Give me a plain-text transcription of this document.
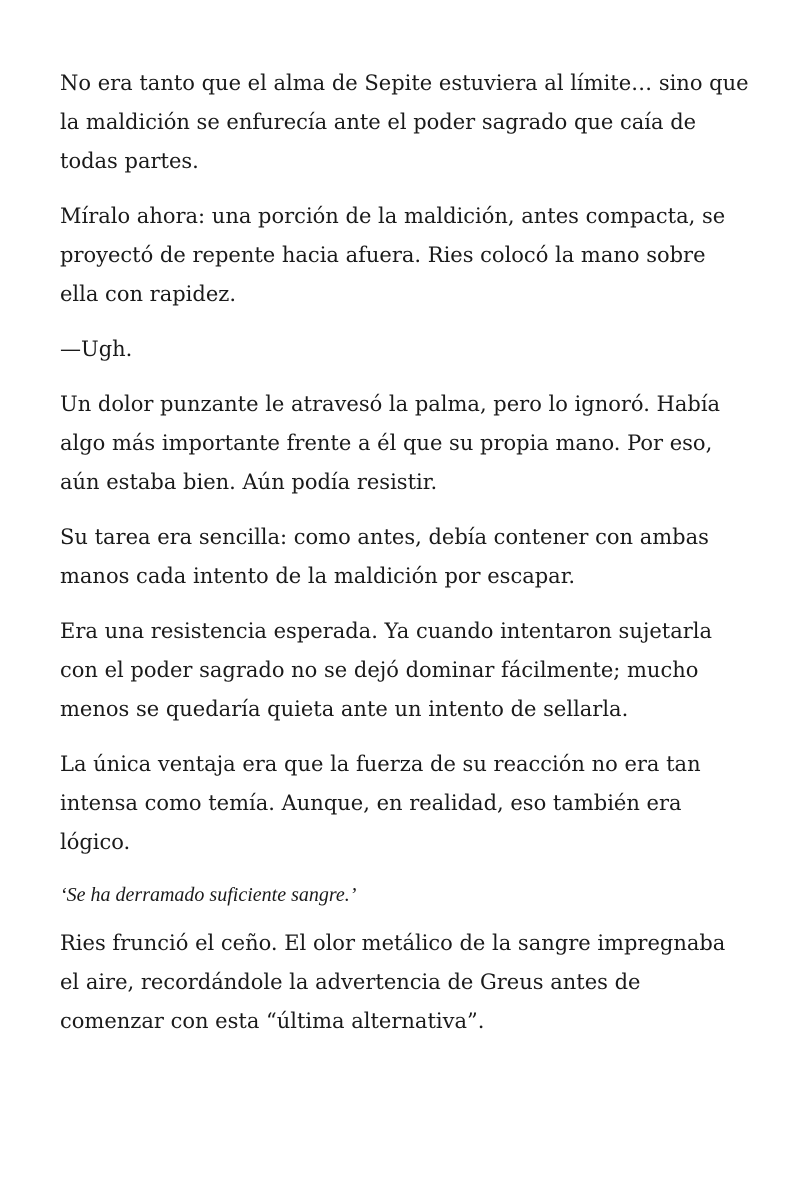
No era tanto que el alma de Sepite estuviera al límite… sino que la maldición se enfurecía ante el poder sagrado que caía de todas partes.

Míralo ahora: una porción de la maldición, antes compacta, se proyectó de repente hacia afuera. Ries colocó la mano sobre ella con rapidez.

—Ugh.

Un dolor punzante le atravesó la palma, pero lo ignoró. Había algo más importante frente a él que su propia mano. Por eso, aún estaba bien. Aún podía resistir.

Su tarea era sencilla: como antes, debía contener con ambas manos cada intento de la maldición por escapar.

Era una resistencia esperada. Ya cuando intentaron sujetarla con el poder sagrado no se dejó dominar fácilmente; mucho menos se quedaría quieta ante un intento de sellarla.

La única ventaja era que la fuerza de su reacción no era tan intensa como temía. Aunque, en realidad, eso también era lógico.

‘Se ha derramado suficiente sangre.’

Ries frunció el ceño. El olor metálico de la sangre impregnaba el aire, recordándole la advertencia de Greus antes de comenzar con esta “última alternativa”.
